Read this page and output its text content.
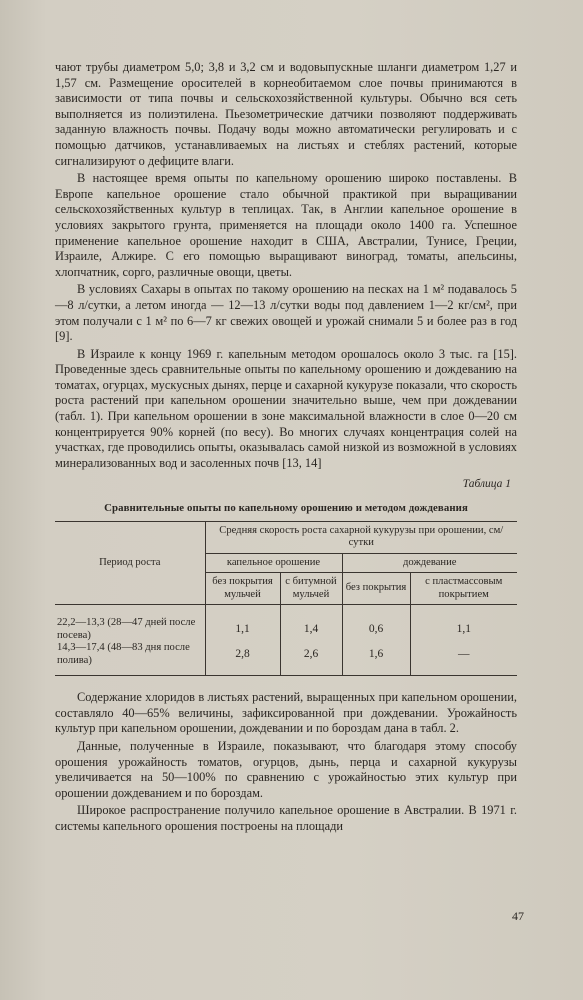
чают трубы диаметром 5,0; 3,8 и 3,2 см и водовыпускные шланги диаметром 1,27 и 1,57 см. Размещение оросителей в корнеобитаемом слое почвы принимаются в зависимости от типа почвы и сельскохозяйственной культуры. Обычно вся сеть выполняется из полиэтилена. Пьезометрические датчики позволяют поддерживать заданную влажность почвы. Подачу воды можно автоматически регулировать и с помощью датчиков, устанавливаемых на листьях и стеблях растений, которые сигнализируют о дефиците влаги.

В настоящее время опыты по капельному орошению широко поставлены. В Европе капельное орошение стало обычной практикой при выращивании сельскохозяйственных культур в теплицах. Так, в Англии капельное орошение в условиях закрытого грунта, применяется на площади около 1400 га. Успешное применение капельное орошение находит в США, Австралии, Тунисе, Греции, Израиле, Алжире. С его помощью выращивают виноград, томаты, апельсины, хлопчатник, сорго, различные овощи, цветы.

В условиях Сахары в опытах по такому орошению на песках на 1 м² подавалось 5—8 л/сутки, а летом иногда — 12—13 л/сутки воды под давлением 1—2 кг/см², при этом получали с 1 м² по 6—7 кг свежих овощей и урожай снимали 5 и более раз в год [9].

В Израиле к концу 1969 г. капельным методом орошалось около 3 тыс. га [15]. Проведенные здесь сравнительные опыты по капельному орошению и дождеванию на томатах, огурцах, мускусных дынях, перце и сахарной кукурузе показали, что скорость роста растений при капельном орошении значительно выше, чем при дождевании (табл. 1). При капельном орошении в зоне максимальной влажности в слое 0—20 см концентрируется 90% корней (по весу). Во многих случаях концентрация солей на участках, где проводились опыты, оказывалась самой низкой из возможной в условиях минерализованных вод и засоленных почв [13, 14]

Таблица 1
Сравнительные опыты по капельному орошению и методом дождевания
Период роста	Средняя скорость роста сахарной кукурузы при орошении, см/сутки			
	капельное орошение		дождевание	
	без покрытия мульчей	с битумной мульчей	без покрытия	с пластмассовым покрытием
22,2—13,3 (28—47 дней после посева)	1,1	1,4	0,6	1,1
14,3—17,4 (48—83 дня после полива)	2,8	2,6	1,6	—

Содержание хлоридов в листьях растений, выращенных при капельном орошении, составляло 40—65% величины, зафиксированной при дождевании. Урожайность культур при капельном орошении, дождевании и по бороздам дана в табл. 2.

Данные, полученные в Израиле, показывают, что благодаря этому способу орошения урожайность томатов, огурцов, дынь, перца и сахарной кукурузы увеличивается на 50—100% по сравнению с урожайностью этих культур при орошении дождеванием и по бороздам.

Широкое распространение получило капельное орошение в Австралии. В 1971 г. системы капельного орошения построены на площади

47
